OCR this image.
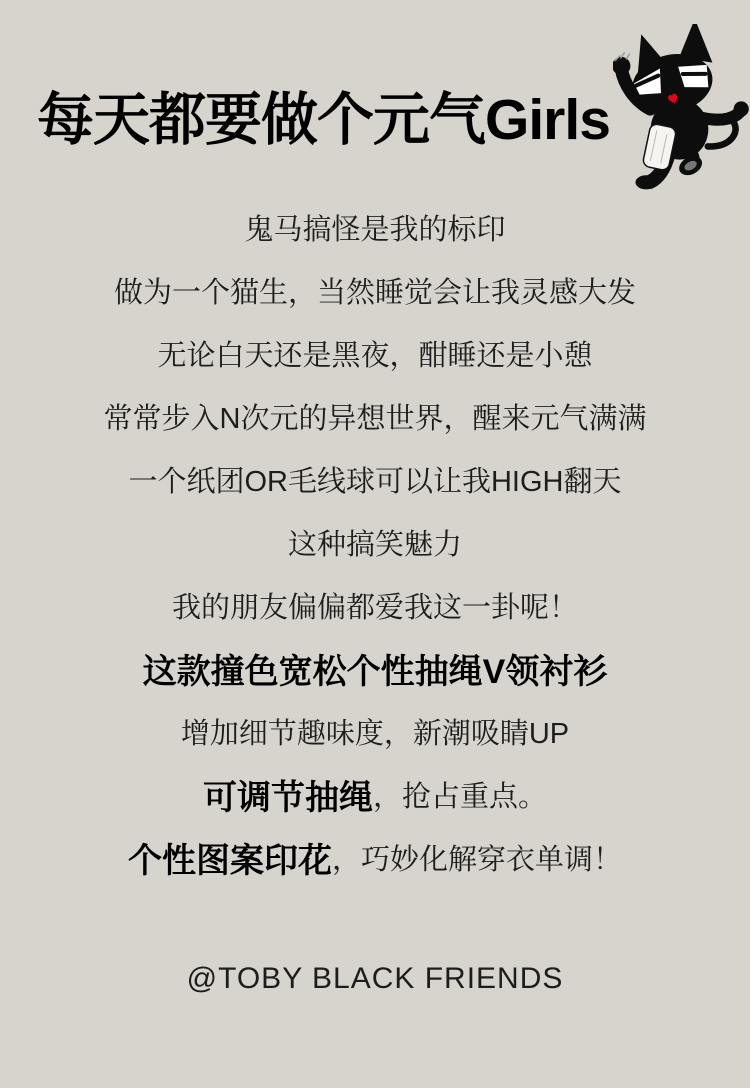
每天都要做个元气Girls
鬼马搞怪是我的标印
做为一个猫生，当然睡觉会让我灵感大发
无论白天还是黑夜，酣睡还是小憩
常常步入N次元的异想世界，醒来元气满满
一个纸团OR毛线球可以让我HIGH翻天
这种搞笑魅力
我的朋友偏偏都爱我这一卦呢！
这款撞色宽松个性抽绳V领衬衫
增加细节趣味度，新潮吸睛UP
可调节抽绳 ，抢占重点。
个性图案印花 ，巧妙化解穿衣单调！
@TOBY BLACK FRIENDS
